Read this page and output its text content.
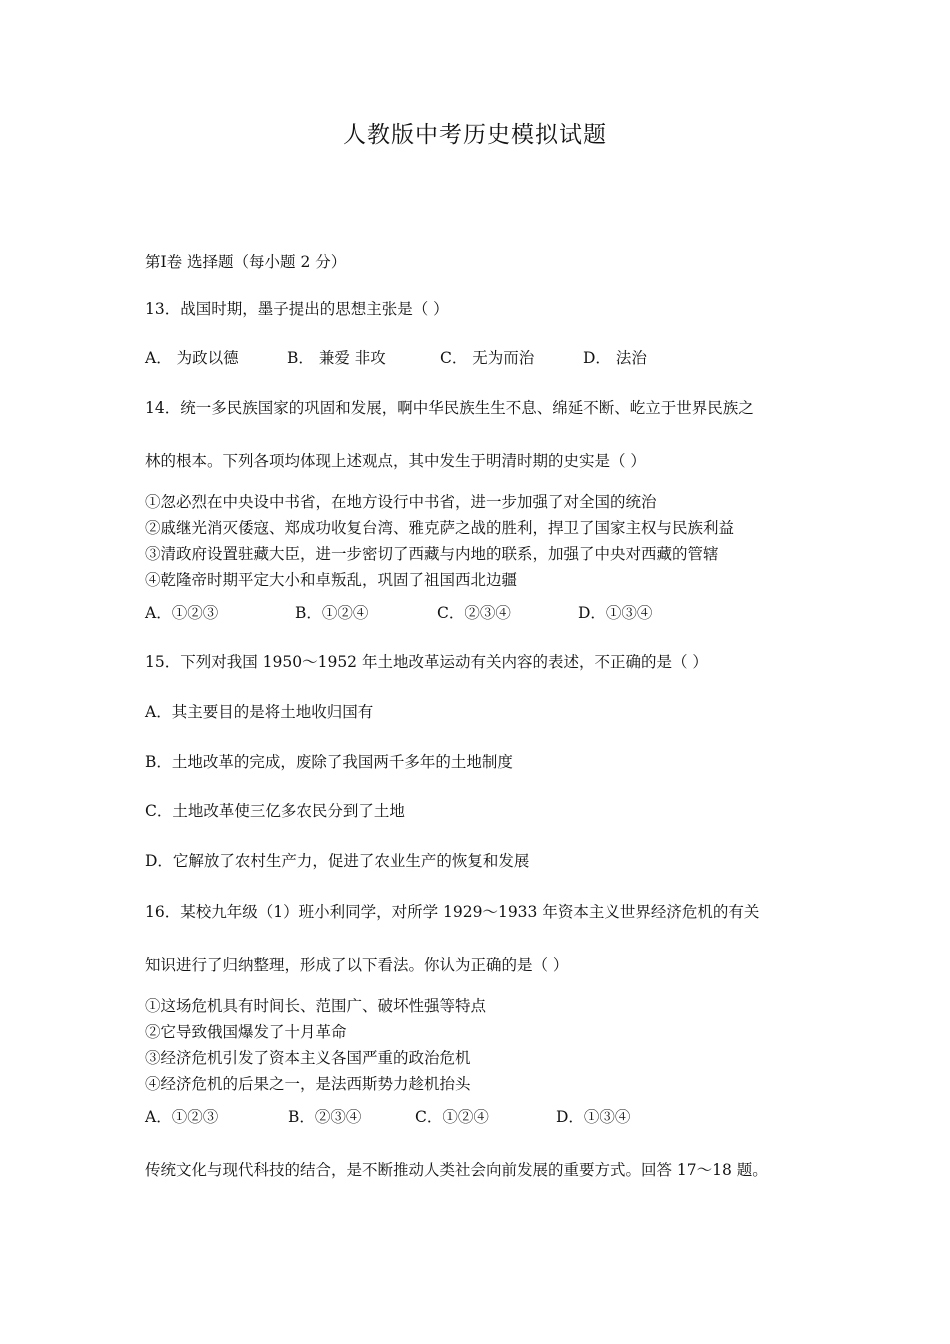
人教版中考历史模拟试题
第Ⅰ卷 选择题（每小题 2 分）
13．战国时期，墨子提出的思想主张是（ ）
A． 为政以德	B． 兼爱 非攻	C． 无为而治	D． 法治
14．统一多民族国家的巩固和发展，啊中华民族生生不息、绵延不断、屹立于世界民族之
林的根本。下列各项均体现上述观点，其中发生于明清时期的史实是（ ）
①忽必烈在中央设中书省，在地方设行中书省，进一步加强了对全国的统治
②戚继光消灭倭寇、郑成功收复台湾、雅克萨之战的胜利，捍卫了国家主权与民族利益
③清政府设置驻藏大臣，进一步密切了西藏与内地的联系，加强了中央对西藏的管辖
④乾隆帝时期平定大小和卓叛乱，巩固了祖国西北边疆
A．①②③	B．①②④	C．②③④	D．①③④
15．下列对我国 1950～1952 年土地改革运动有关内容的表述，不正确的是（ ）
A．其主要目的是将土地收归国有
B．土地改革的完成，废除了我国两千多年的土地制度
C．土地改革使三亿多农民分到了土地
D．它解放了农村生产力，促进了农业生产的恢复和发展
16．某校九年级（1）班小利同学，对所学 1929～1933 年资本主义世界经济危机的有关
知识进行了归纳整理，形成了以下看法。你认为正确的是（ ）
①这场危机具有时间长、范围广、破坏性强等特点
②它导致俄国爆发了十月革命
③经济危机引发了资本主义各国严重的政治危机
④经济危机的后果之一，是法西斯势力趁机抬头
A．①②③	B．②③④	C．①②④	D．①③④
传统文化与现代科技的结合，是不断推动人类社会向前发展的重要方式。回答 17～18 题。
